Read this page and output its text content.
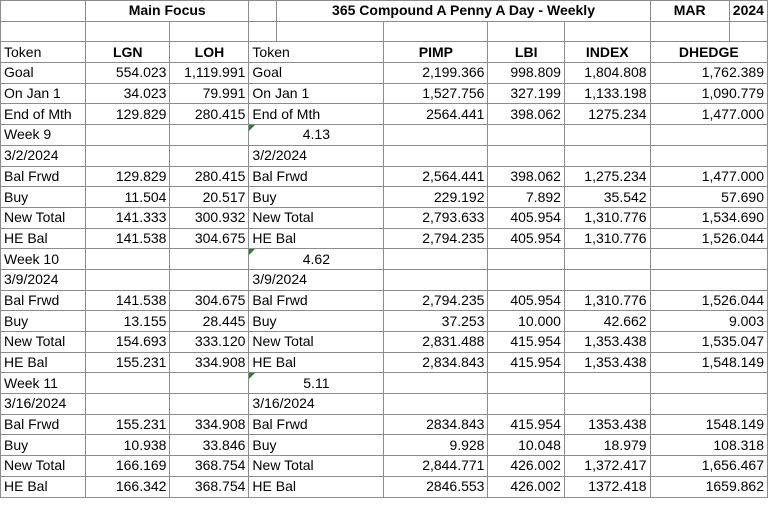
	Main Focus			365 Compound A Penny A Day - Weekly				MAR	2024

Token	LGN	LOH	Token		PIMP	LBI	INDEX	DHEDGE	
Goal	554.023	1,119.991	Goal		2,199.366	998.809	1,804.808	1,762.389	
On Jan 1	34.023	79.991	On Jan 1		1,527.756	327.199	1,133.198	1,090.779	
End of Mth	129.829	280.415	End of Mth		2564.441	398.062	1275.234	1,477.000	
Week 9			4.13						
3/2/2024			3/2/2024						
Bal Frwd	129.829	280.415	Bal Frwd		2,564.441	398.062	1,275.234	1,477.000	
Buy	11.504	20.517	Buy		229.192	7.892	35.542	57.690	
New Total	141.333	300.932	New Total		2,793.633	405.954	1,310.776	1,534.690	
HE Bal	141.538	304.675	HE Bal		2,794.235	405.954	1,310.776	1,526.044	
Week 10			4.62						
3/9/2024			3/9/2024						
Bal Frwd	141.538	304.675	Bal Frwd		2,794.235	405.954	1,310.776	1,526.044	
Buy	13.155	28.445	Buy		37.253	10.000	42.662	9.003	
New Total	154.693	333.120	New Total		2,831.488	415.954	1,353.438	1,535.047	
HE Bal	155.231	334.908	HE Bal		2,834.843	415.954	1,353.438	1,548.149	
Week 11			5.11						
3/16/2024			3/16/2024						
Bal Frwd	155.231	334.908	Bal Frwd		2834.843	415.954	1353.438	1548.149	
Buy	10.938	33.846	Buy		9.928	10.048	18.979	108.318	
New Total	166.169	368.754	New Total		2,844.771	426.002	1,372.417	1,656.467	
HE Bal	166.342	368.754	HE Bal		2846.553	426.002	1372.418	1659.862	
